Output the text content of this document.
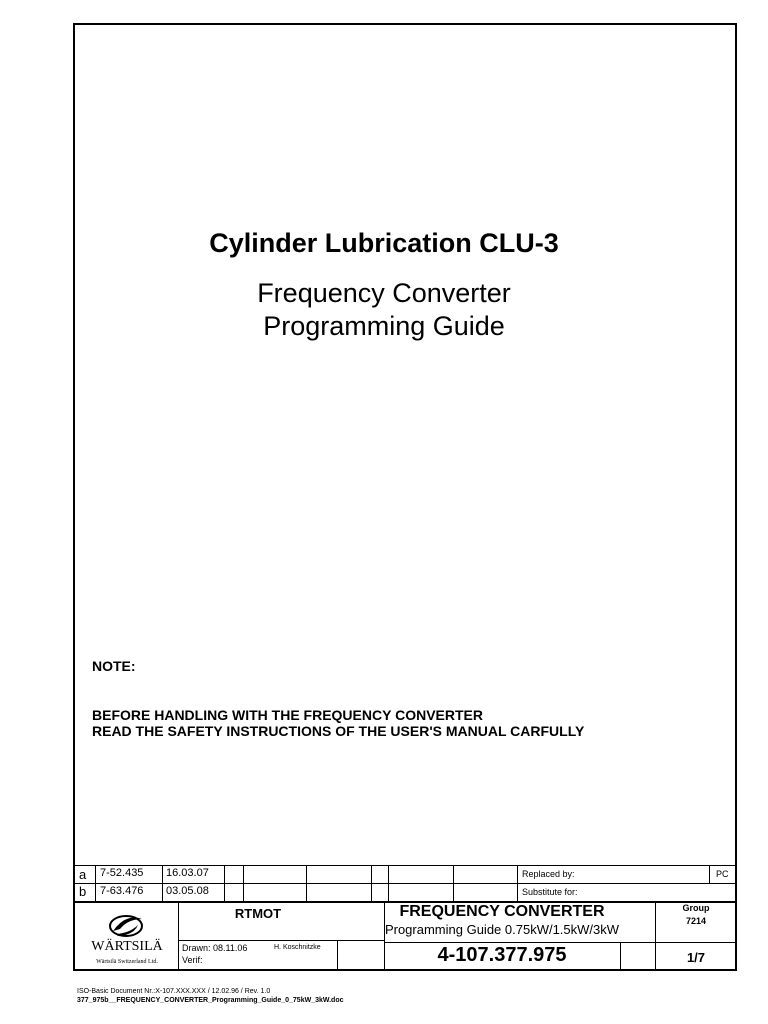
Cylinder Lubrication CLU-3
Frequency Converter
Programming Guide
NOTE:
BEFORE HANDLING WITH THE FREQUENCY CONVERTER
READ THE SAFETY INSTRUCTIONS OF THE USER'S MANUAL CARFULLY
a 7-52.435 16.03.07	Replaced by:	PC
b 7-63.476 03.05.08	Substitute for:
WÄRTSILÄ
Wärtsilä Switzerland Ltd.
RTMOT
Drawn: 08.11.06	H. Koschnitzke
Verif:
FREQUENCY CONVERTER
Programming Guide 0.75kW/1.5kW/3kW
Group
7214
4-107.377.975	1/7
ISO-Basic Document Nr.:X-107.XXX.XXX / 12.02.96 / Rev. 1.0
377_975b__FREQUENCY_CONVERTER_Programming_Guide_0_75kW_3kW.doc
